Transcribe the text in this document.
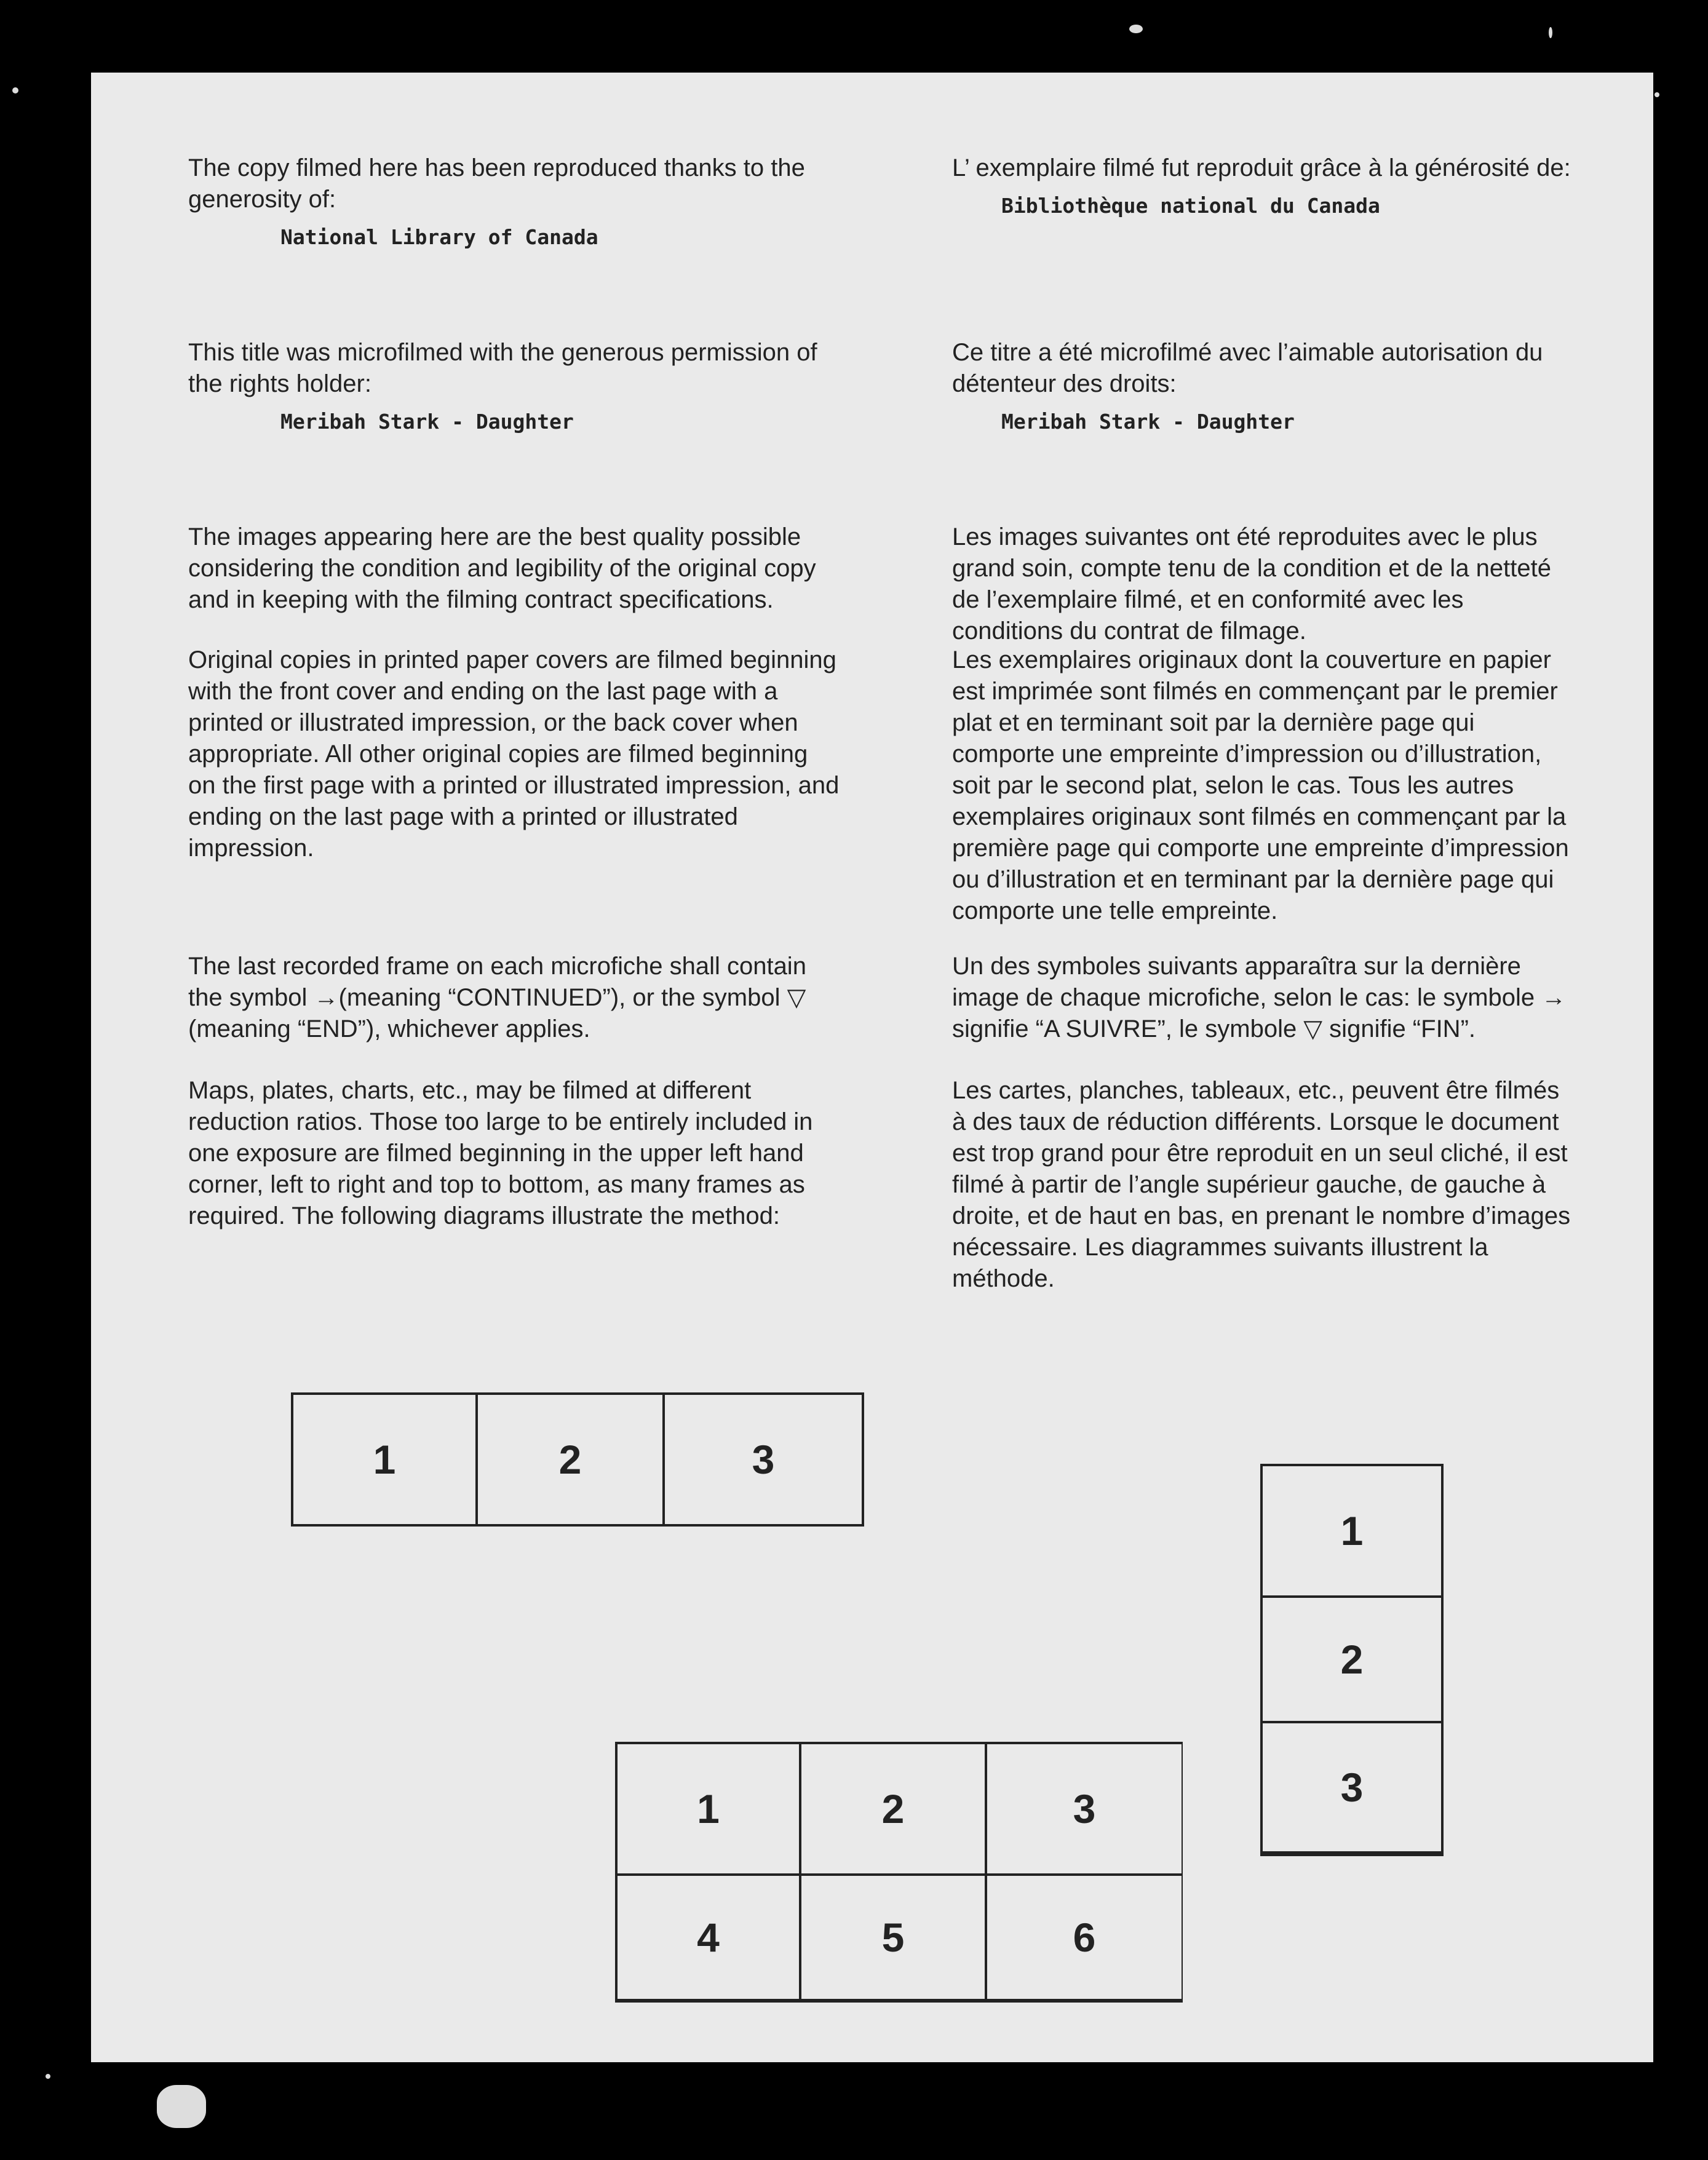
The copy filmed here has been reproduced thanks to the generosity of:

National Library of Canada

This title was microfilmed with the generous permission of the rights holder:

Meribah Stark - Daughter

The images appearing here are the best quality possible considering the condition and legibility of the original copy and in keeping with the filming contract specifications.

Original copies in printed paper covers are filmed beginning with the front cover and ending on the last page with a printed or illustrated impression, or the back cover when appropriate. All other original copies are filmed beginning on the first page with a printed or illustrated impression, and ending on the last page with a printed or illustrated impression.

The last recorded frame on each microfiche shall contain the symbol →(meaning “CONTINUED”), or the symbol ▽ (meaning “END”), whichever applies.

Maps, plates, charts, etc., may be filmed at different reduction ratios. Those too large to be entirely included in one exposure are filmed beginning in the upper left hand corner, left to right and top to bottom, as many frames as required. The following diagrams illustrate the method:

L’ exemplaire filmé fut reproduit grâce à la générosité de:

Bibliothèque national du Canada

Ce titre a été microfilmé avec l’aimable autorisation du détenteur des droits:

Meribah Stark - Daughter

Les images suivantes ont été reproduites avec le plus grand soin, compte tenu de la condition et de la netteté de l’exemplaire filmé, et en conformité avec les conditions du contrat de filmage.

Les exemplaires originaux dont la couverture en papier est imprimée sont filmés en commençant par le premier plat et en terminant soit par la dernière page qui comporte une empreinte d’impression ou d’illustration, soit par le second plat, selon le cas. Tous les autres exemplaires originaux sont filmés en commençant par la première page qui comporte une empreinte d’impression ou d’illustration et en terminant par la dernière page qui comporte une telle empreinte.

Un des symboles suivants apparaîtra sur la dernière image de chaque microfiche, selon le cas: le symbole → signifie “A SUIVRE”, le symbole ▽ signifie “FIN”.

Les cartes, planches, tableaux, etc., peuvent être filmés à des taux de réduction différents. Lorsque le document est trop grand pour être reproduit en un seul cliché, il est filmé à partir de l’angle supérieur gauche, de gauche à droite, et de haut en bas, en prenant le nombre d’images nécessaire. Les diagrammes suivants illustrent la méthode.

1	2	3
1
2
3
1	2	3
4	5	6
